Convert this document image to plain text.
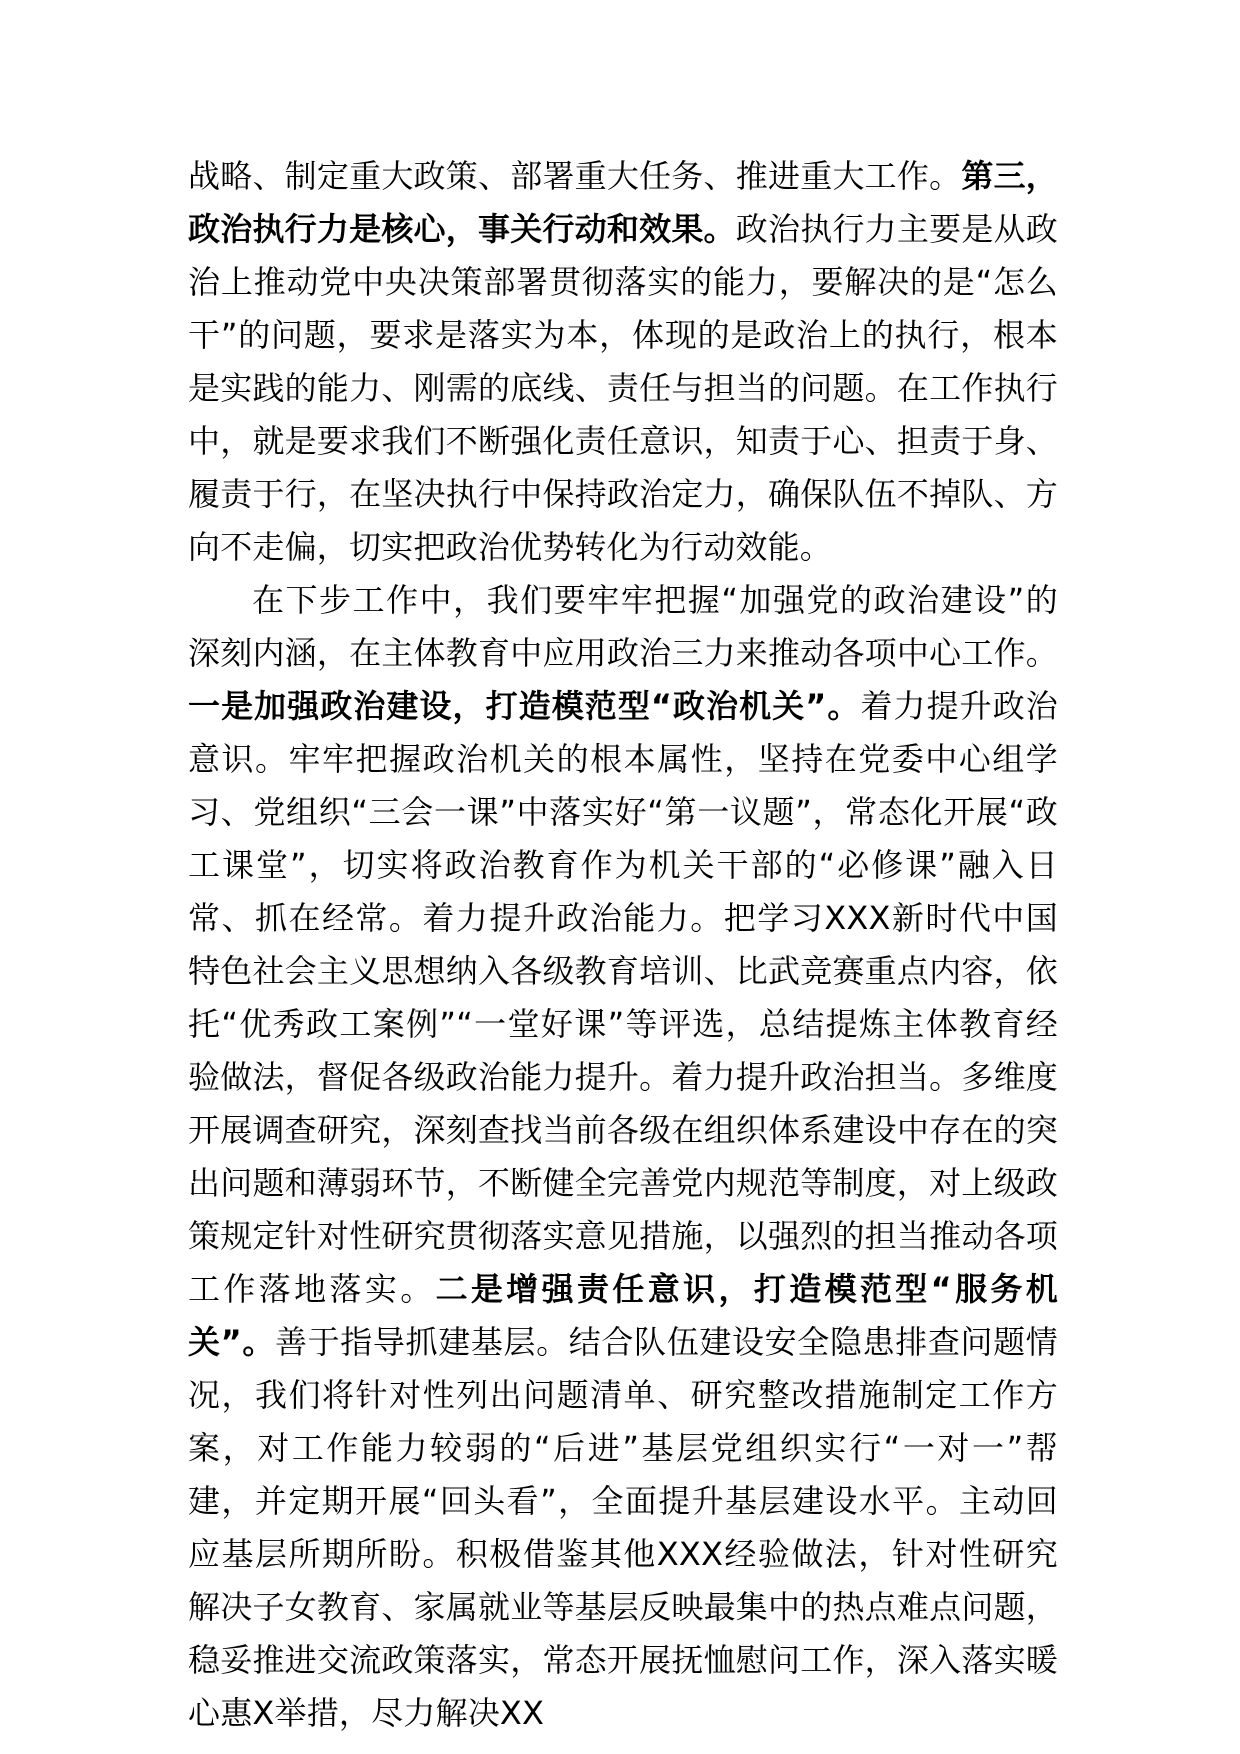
战略、制定重大政策、部署重大任务、推进重大工作。第三，政治执行力是核心，事关行动和效果。政治执行力主要是从政治上推动党中央决策部署贯彻落实的能力，要解决的是“怎么干”的问题，要求是落实为本，体现的是政治上的执行，根本是实践的能力、刚需的底线、责任与担当的问题。在工作执行中，就是要求我们不断强化责任意识，知责于心、担责于身、履责于行，在坚决执行中保持政治定力，确保队伍不掉队、方向不走偏，切实把政治优势转化为行动效能。

在下步工作中，我们要牢牢把握“加强党的政治建设”的深刻内涵，在主体教育中应用政治三力来推动各项中心工作。一是加强政治建设，打造模范型“政治机关”。着力提升政治意识。牢牢把握政治机关的根本属性，坚持在党委中心组学习、党组织“三会一课”中落实好“第一议题”，常态化开展“政工课堂”，切实将政治教育作为机关干部的“必修课”融入日常、抓在经常。着力提升政治能力。把学习XXX新时代中国特色社会主义思想纳入各级教育培训、比武竞赛重点内容，依托“优秀政工案例”“一堂好课”等评选，总结提炼主体教育经验做法，督促各级政治能力提升。着力提升政治担当。多维度开展调查研究，深刻查找当前各级在组织体系建设中存在的突出问题和薄弱环节，不断健全完善党内规范等制度，对上级政策规定针对性研究贯彻落实意见措施，以强烈的担当推动各项工作落地落实。二是增强责任意识，打造模范型“服务机关”。善于指导抓建基层。结合队伍建设安全隐患排查问题情况，我们将针对性列出问题清单、研究整改措施制定工作方案，对工作能力较弱的“后进”基层党组织实行“一对一”帮建，并定期开展“回头看”，全面提升基层建设水平。主动回应基层所期所盼。积极借鉴其他XXX经验做法，针对性研究解决子女教育、家属就业等基层反映最集中的热点难点问题，稳妥推进交流政策落实，常态开展抚恤慰问工作，深入落实暖心惠X举措，尽力解决XX
